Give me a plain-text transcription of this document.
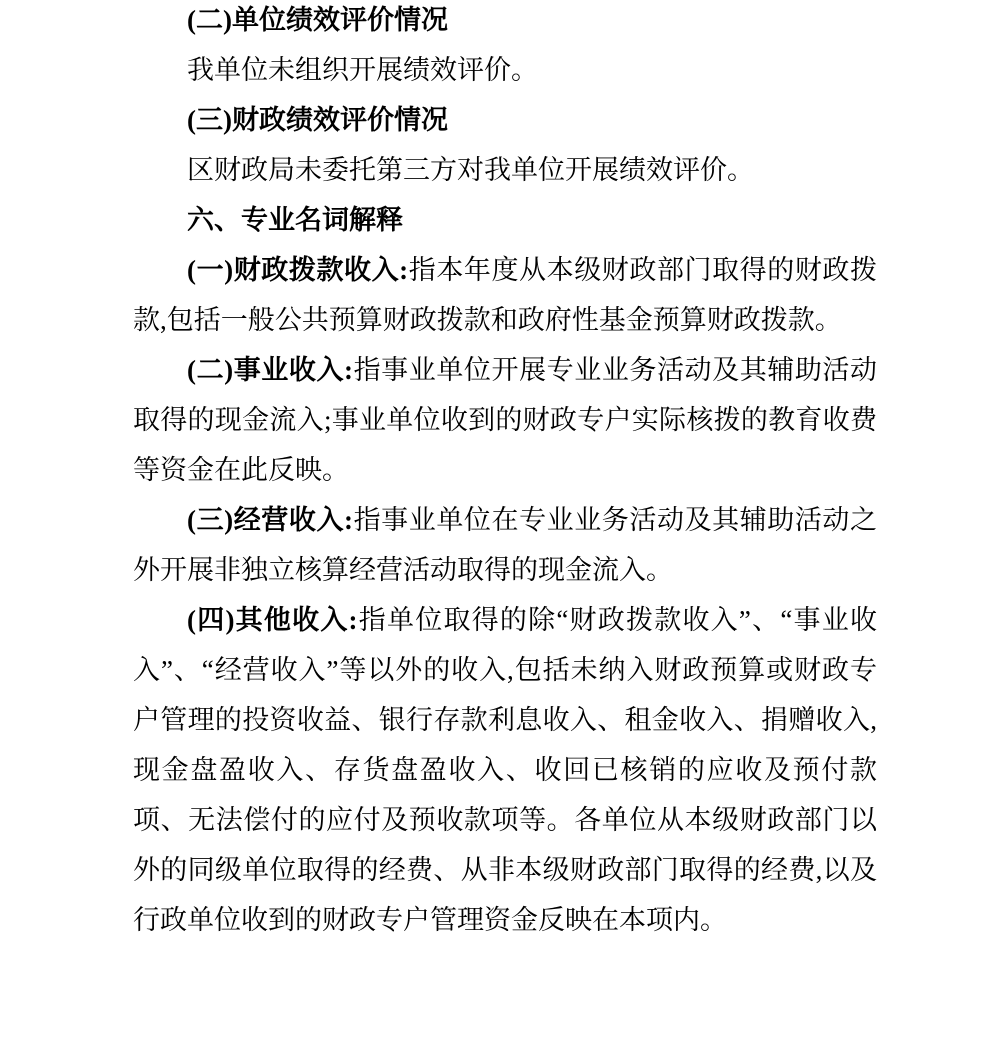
(二)单位绩效评价情况

我单位未组织开展绩效评价。

(三)财政绩效评价情况

区财政局未委托第三方对我单位开展绩效评价。

六、专业名词解释

(一)财政拨款收入:指本年度从本级财政部门取得的财政拨款,包括一般公共预算财政拨款和政府性基金预算财政拨款。

(二)事业收入:指事业单位开展专业业务活动及其辅助活动取得的现金流入;事业单位收到的财政专户实际核拨的教育收费等资金在此反映。

(三)经营收入:指事业单位在专业业务活动及其辅助活动之外开展非独立核算经营活动取得的现金流入。

(四)其他收入:指单位取得的除“财政拨款收入”、“事业收入”、“经营收入”等以外的收入,包括未纳入财政预算或财政专户管理的投资收益、银行存款利息收入、租金收入、捐赠收入,现金盘盈收入、存货盘盈收入、收回已核销的应收及预付款项、无法偿付的应付及预收款项等。各单位从本级财政部门以外的同级单位取得的经费、从非本级财政部门取得的经费,以及行政单位收到的财政专户管理资金反映在本项内。
